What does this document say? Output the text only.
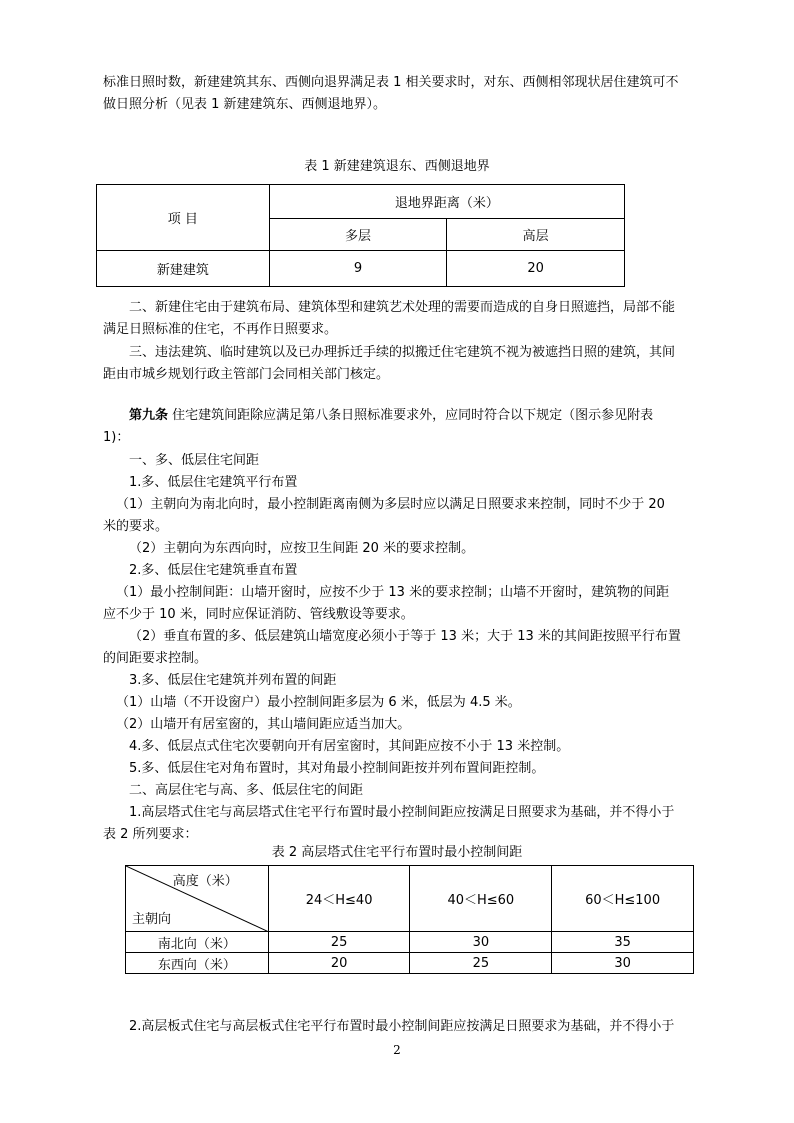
标准日照时数，新建建筑其东、西侧向退界满足表 1 相关要求时，对东、西侧相邻现状居住建筑可不

做日照分析（见表 1 新建建筑东、西侧退地界）。

表 1 新建建筑退东、西侧退地界
项 目	退地界距离（米）	
	多层	高层
新建建筑	9	20

二、新建住宅由于建筑布局、建筑体型和建筑艺术处理的需要而造成的自身日照遮挡，局部不能

满足日照标准的住宅，不再作日照要求。

三、违法建筑、临时建筑以及已办理拆迁手续的拟搬迁住宅建筑不视为被遮挡日照的建筑，其间

距由市城乡规划行政主管部门会同相关部门核定。

第九条 住宅建筑间距除应满足第八条日照标准要求外，应同时符合以下规定（图示参见附表

1)：

一、多、低层住宅间距

1.多、低层住宅建筑平行布置

（1）主朝向为南北向时，最小控制距离南侧为多层时应以满足日照要求来控制，同时不少于 20

米的要求。

（2）主朝向为东西向时，应按卫生间距 20 米的要求控制。

2.多、低层住宅建筑垂直布置

（1）最小控制间距：山墙开窗时，应按不少于 13 米的要求控制；山墙不开窗时，建筑物的间距

应不少于 10 米，同时应保证消防、管线敷设等要求。

（2）垂直布置的多、低层建筑山墙宽度必须小于等于 13 米；大于 13 米的其间距按照平行布置

的间距要求控制。

3.多、低层住宅建筑并列布置的间距

（1）山墙（不开设窗户）最小控制间距多层为 6 米，低层为 4.5 米。

（2）山墙开有居室窗的，其山墙间距应适当加大。

4.多、低层点式住宅次要朝向开有居室窗时，其间距应按不小于 13 米控制。

5.多、低层住宅对角布置时，其对角最小控制间距按并列布置间距控制。

二、高层住宅与高、多、低层住宅的间距

1.高层塔式住宅与高层塔式住宅平行布置时最小控制间距应按满足日照要求为基础，并不得小于

表 2 所列要求：

表 2 高层塔式住宅平行布置时最小控制间距
高度（米）
主朝向	24＜H≤40	40＜H≤60	60＜H≤100
南北向（米）	25	30	35
东西向（米）	20	25	30

2.高层板式住宅与高层板式住宅平行布置时最小控制间距应按满足日照要求为基础，并不得小于

2
